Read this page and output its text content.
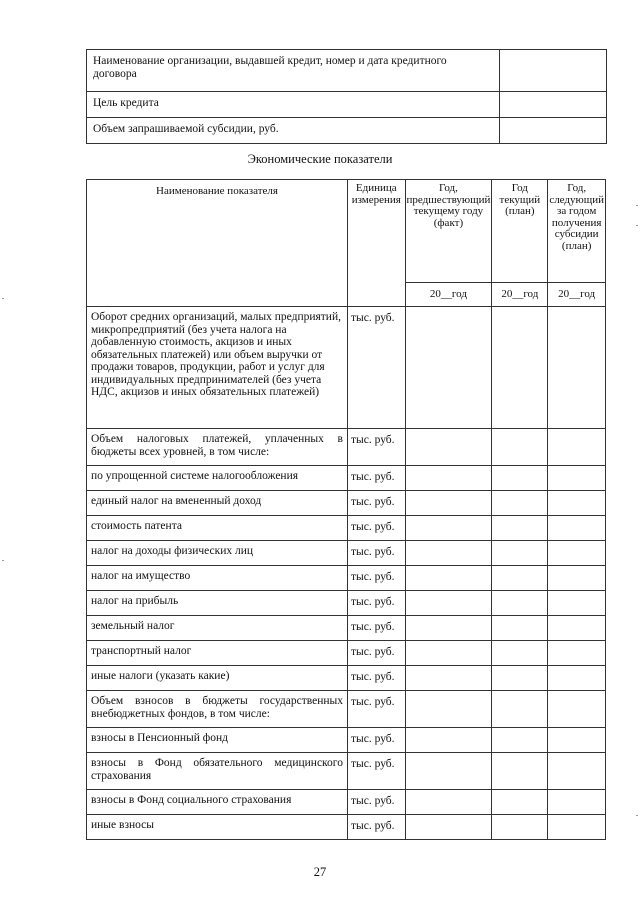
Наименование организации, выдавшей кредит, номер и дата кредитного договора	
Цель кредита	
Объем запрашиваемой субсидии, руб.	
Экономические показатели
Наименование показателя	Единица измерения	Год, предшествующий текущему году (факт)	Год текущий (план)	Год, следующий за годом получения субсидии (план)
		20__год	20__год	20__год
Оборот средних организаций, малых предприятий, микропредприятий (без учета налога на добавленную стоимость, акцизов и иных обязательных платежей) или объем выручки от продажи товаров, продукции, работ и услуг для индивидуальных предпринимателей (без учета НДС, акцизов и иных обязательных платежей)	тыс. руб.			
Объем налоговых платежей, уплаченных в бюджеты всех уровней, в том числе:	тыс. руб.			
по упрощенной системе налогообложения	тыс. руб.			
единый налог на вмененный доход	тыс. руб.			
стоимость патента	тыс. руб.			
налог на доходы физических лиц	тыс. руб.			
налог на имущество	тыс. руб.			
налог на прибыль	тыс. руб.			
земельный налог	тыс. руб.			
транспортный налог	тыс. руб.			
иные налоги (указать какие)	тыс. руб.			
Объем взносов в бюджеты государственных внебюджетных фондов, в том числе:	тыс. руб.			
взносы в Пенсионный фонд	тыс. руб.			
взносы в Фонд обязательного медицинского страхования	тыс. руб.			
взносы в Фонд социального страхования	тыс. руб.			
иные взносы	тыс. руб.			
27
